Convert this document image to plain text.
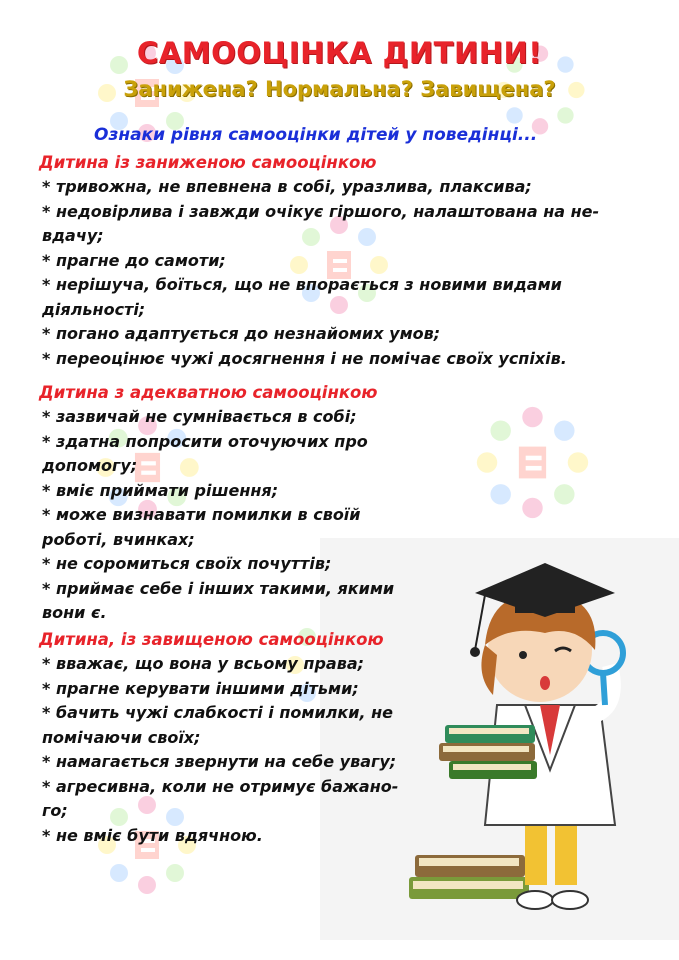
САМООЦІНКА ДИТИНИ!
Занижена? Нормальна? Завищена?
Ознаки рівня самооцінки дітей у поведінці...
Дитина із заниженою самооцінкою
* тривожна, не впевнена в собі, уразлива, плаксива;
* недовірлива і завжди очікує гіршого, налаштована на не-вдачу;
* прагне до самоти;
* нерішуча, боїться, що не впорається з новими видами діяльності;
* погано адаптується до незнайомих умов;
* переоцінює чужі досягнення і не помічає своїх успіхів.
Дитина з адекватною самооцінкою
* зазвичай не сумнівається в собі;
* здатна попросити оточуючих про допомогу;
* вміє приймати рішення;
* може визнавати помилки в своїй роботі, вчинках;
* не соромиться своїх почуттів;
* приймає себе і інших такими, якими вони є.
Дитина, із завищеною самооцінкою
* вважає, що вона у всьому права;
* прагне керувати іншими дітьми;
* бачить чужі слабкості і помилки, не помічаючи своїх;
* намагається звернути на себе увагу;
* агресивна, коли не отримує бажано-го;
* не вміє бути вдячною.
